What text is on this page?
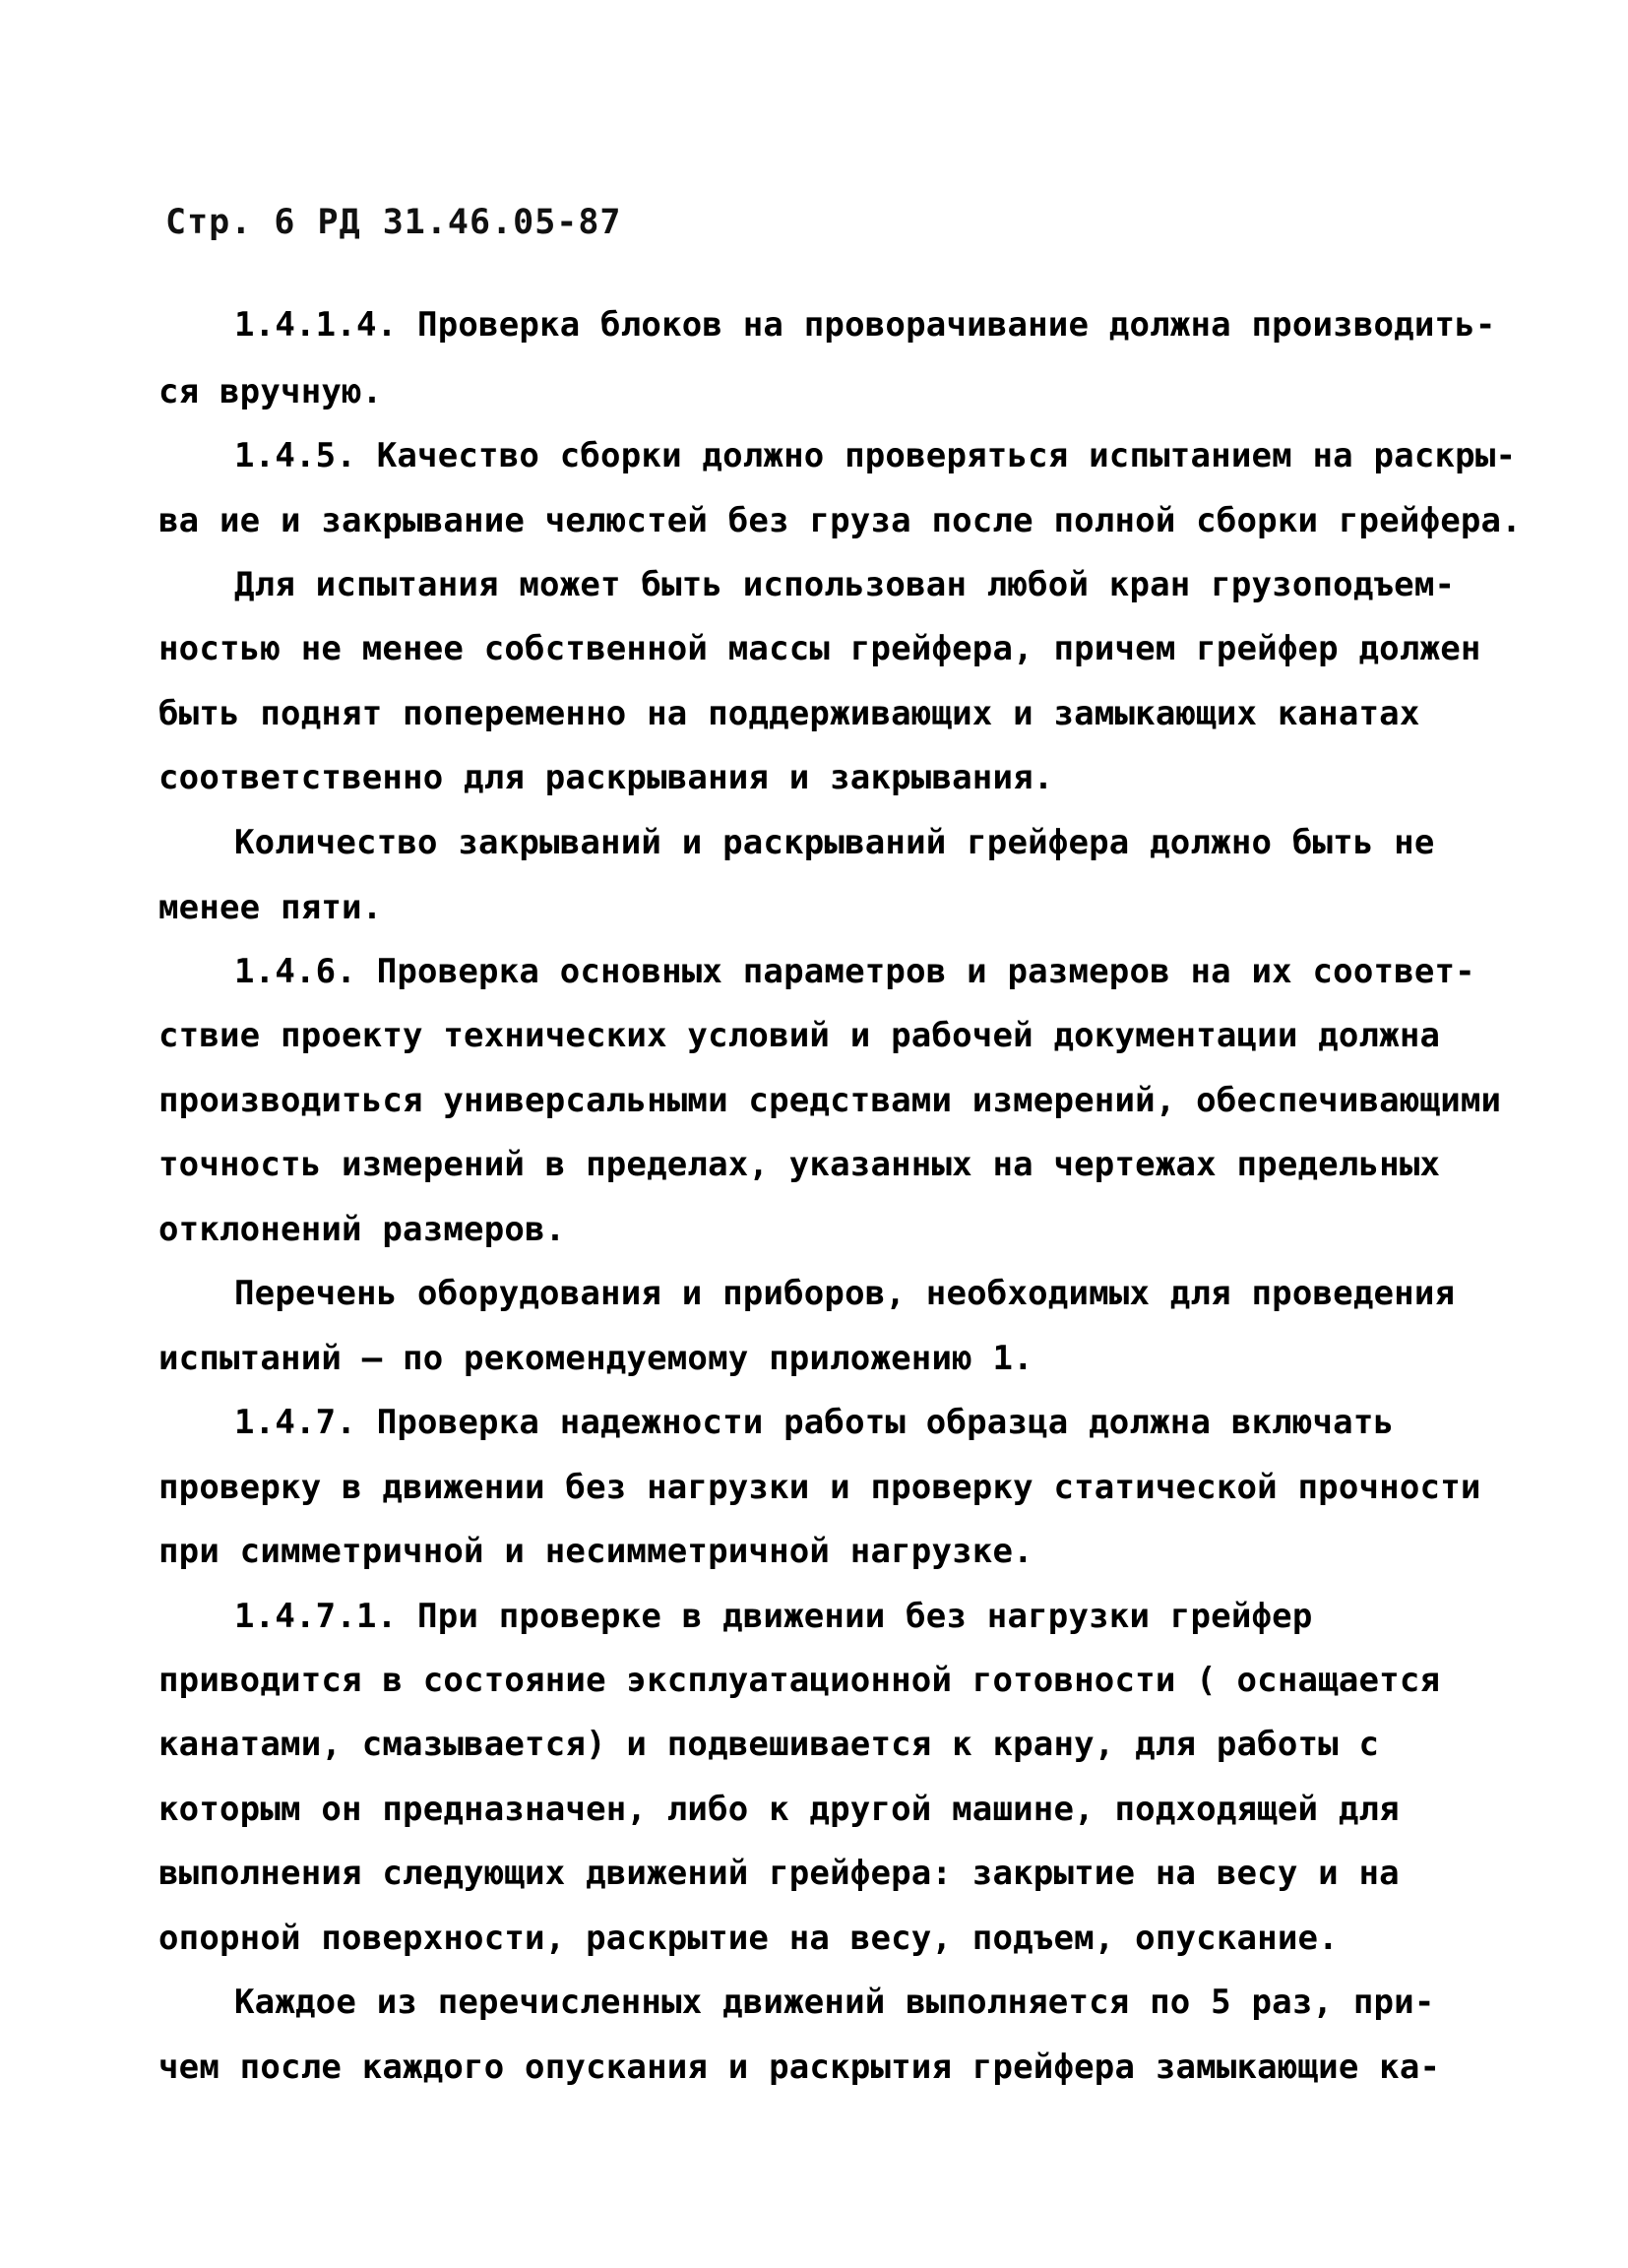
Стр. 6 РД 31.46.05-87
1.4.1.4. Проверка блоков на проворачивание должна производить-
ся вручную.
1.4.5. Качество сборки должно проверяться испытанием на раскры-
ва ие и закрывание челюстей без груза после полной сборки грейфера.
Для испытания может быть использован любой кран грузоподъем-
ностью не менее собственной массы грейфера, причем грейфер должен
быть поднят попеременно на поддерживающих и замыкающих канатах
соответственно для раскрывания и закрывания.
Количество закрываний и раскрываний грейфера должно быть не
менее пяти.
1.4.6. Проверка основных параметров и размеров на их соответ-
ствие проекту технических условий и рабочей документации должна
производиться универсальными средствами измерений, обеспечивающими
точность измерений в пределах, указанных на чертежах предельных
отклонений размеров.
Перечень оборудования и приборов, необходимых для проведения
испытаний – по рекомендуемому приложению 1.
1.4.7. Проверка надежности работы образца должна включать
проверку в движении без нагрузки и проверку статической прочности
при симметричной и несимметричной нагрузке.
1.4.7.1. При проверке в движении без нагрузки грейфер
приводится в состояние эксплуатационной готовности ( оснащается
канатами, смазывается) и подвешивается к крану, для работы с
которым он предназначен, либо к другой машине, подходящей для
выполнения следующих движений грейфера: закрытие на весу и на
опорной поверхности, раскрытие на весу, подъем, опускание.
Каждое из перечисленных движений выполняется по 5 раз, при-
чем после каждого опускания и раскрытия грейфера замыкающие ка-
